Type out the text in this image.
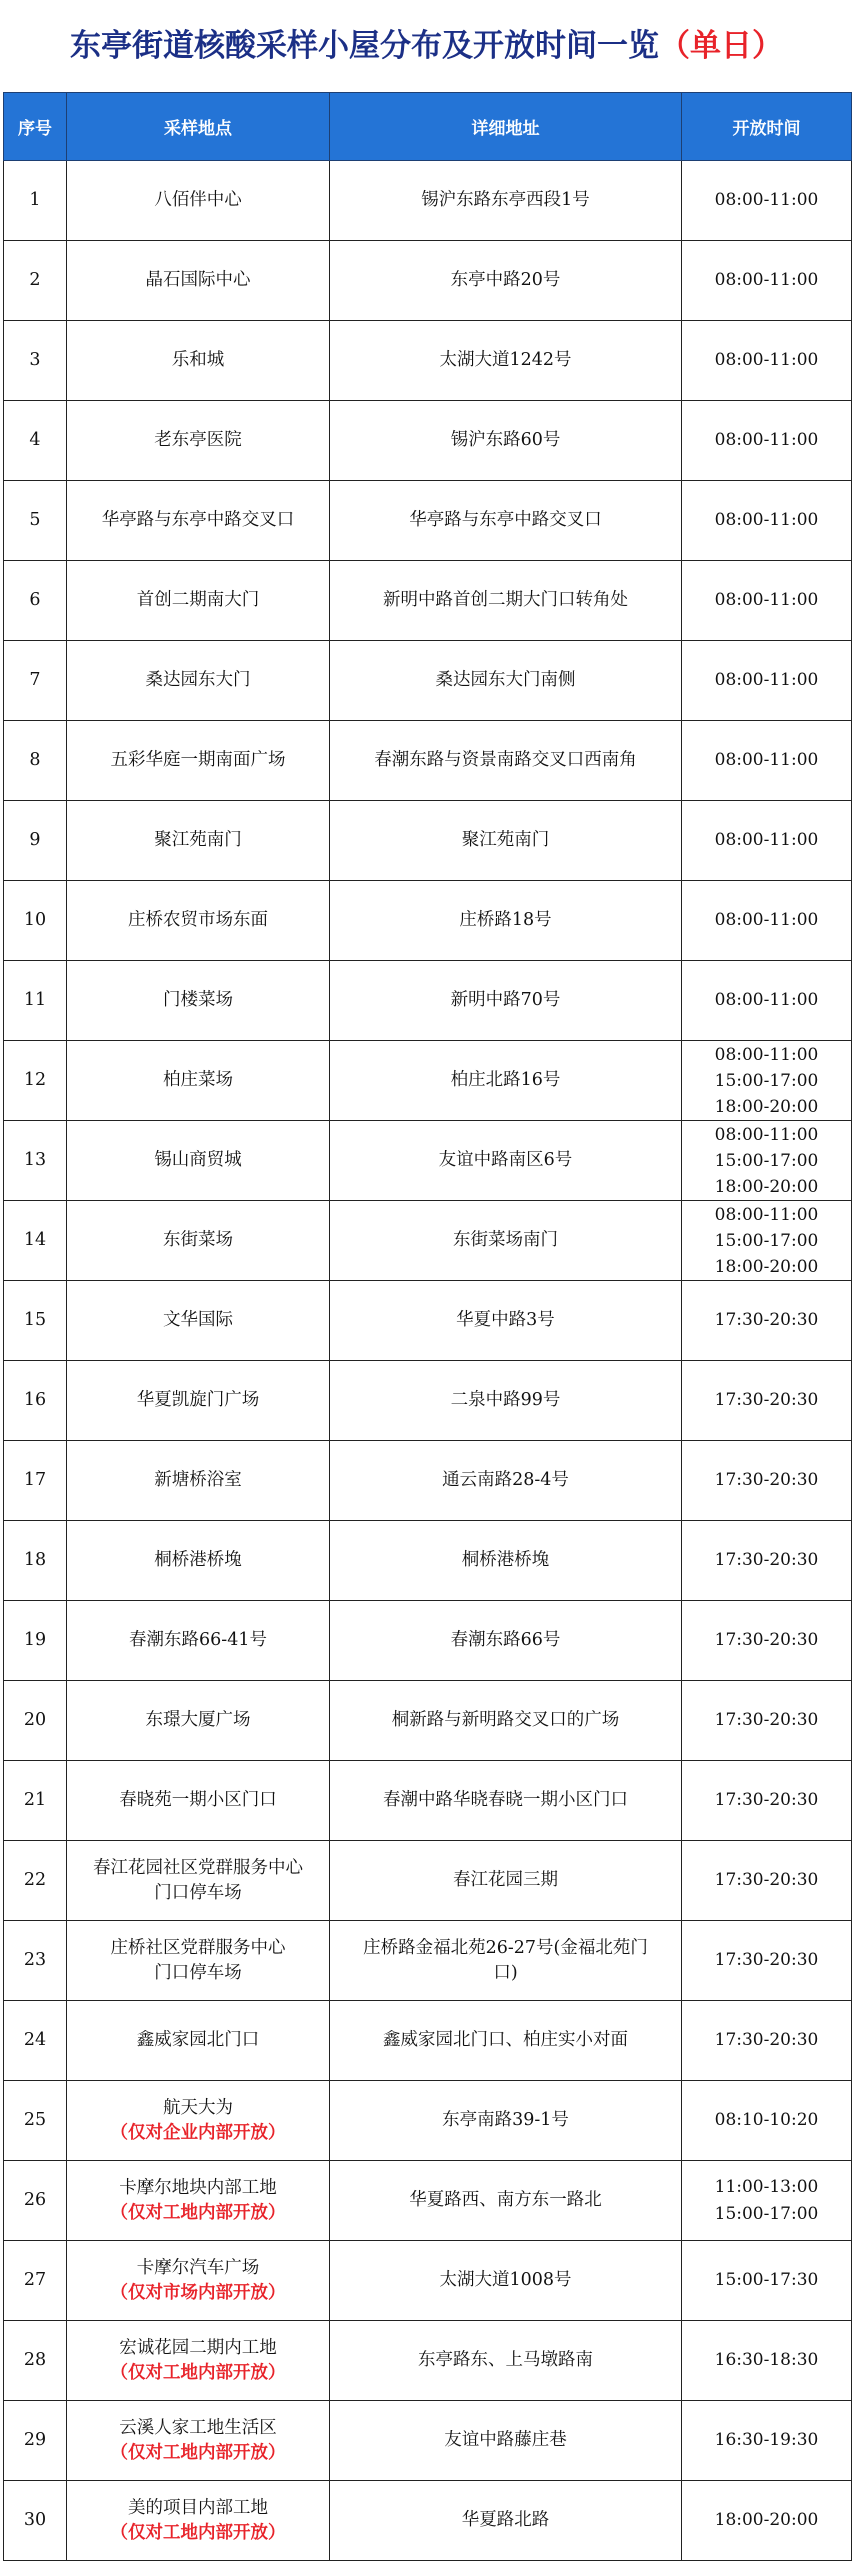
东亭街道核酸采样小屋分布及开放时间一览（单日）
序号	采样地点	详细地址	开放时间
1	八佰伴中心	锡沪东路东亭西段1号	08:00-11:00

2	晶石国际中心	东亭中路20号	08:00-11:00

3	乐和城	太湖大道1242号	08:00-11:00

4	老东亭医院	锡沪东路60号	08:00-11:00

5	华亭路与东亭中路交叉口	华亭路与东亭中路交叉口	08:00-11:00

6	首创二期南大门	新明中路首创二期大门口转角处	08:00-11:00

7	桑达园东大门	桑达园东大门南侧	08:00-11:00

8	五彩华庭一期南面广场	春潮东路与资景南路交叉口西南角	08:00-11:00

9	聚江苑南门	聚江苑南门	08:00-11:00

10	庄桥农贸市场东面	庄桥路18号	08:00-11:00

11	门楼菜场	新明中路70号	08:00-11:00

12	柏庄菜场	柏庄北路16号	08:00-11:00
15:00-17:00
18:00-20:00

13	锡山商贸城	友谊中路南区6号	08:00-11:00
15:00-17:00
18:00-20:00

14	东街菜场	东街菜场南门	08:00-11:00
15:00-17:00
18:00-20:00

15	文华国际	华夏中路3号	17:30-20:30

16	华夏凯旋门广场	二泉中路99号	17:30-20:30

17	新塘桥浴室	通云南路28-4号	17:30-20:30

18	桐桥港桥堍	桐桥港桥堍	17:30-20:30

19	春潮东路66-41号	春潮东路66号	17:30-20:30

20	东璟大厦广场	桐新路与新明路交叉口的广场	17:30-20:30

21	春晓苑一期小区门口	春潮中路华晓春晓一期小区门口	17:30-20:30

22	春江花园社区党群服务中心
门口停车场	春江花园三期	17:30-20:30

23	庄桥社区党群服务中心
门口停车场	庄桥路金福北苑26-27号(金福北苑门
口)	17:30-20:30

24	鑫威家园北门口	鑫威家园北门口、柏庄实小对面	17:30-20:30

25	航天大为
（仅对企业内部开放）	东亭南路39-1号	08:10-10:20

26	卡摩尔地块内部工地
（仅对工地内部开放）	华夏路西、南方东一路北	11:00-13:00
15:00-17:00

27	卡摩尔汽车广场
（仅对市场内部开放）	太湖大道1008号	15:00-17:30

28	宏诚花园二期内工地
（仅对工地内部开放）	东亭路东、上马墩路南	16:30-18:30

29	云溪人家工地生活区
（仅对工地内部开放）	友谊中路藤庄巷	16:30-19:30

30	美的项目内部工地
（仅对工地内部开放）	华夏路北路	18:00-20:00
